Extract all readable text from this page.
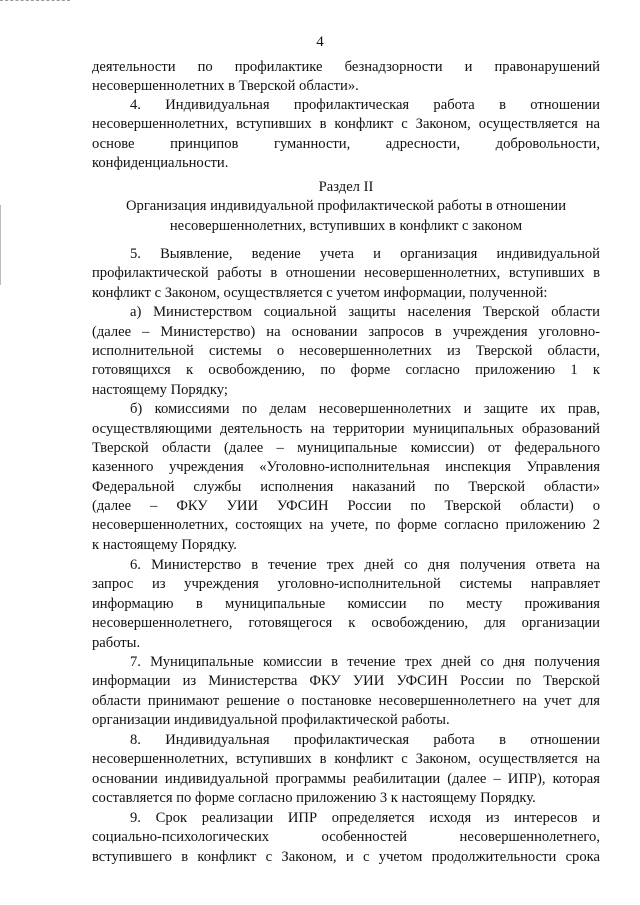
4
деятельности по профилактике безнадзорности и правонарушений
несовершеннолетних в Тверской области».
4. Индивидуальная профилактическая работа в отношении
несовершеннолетних, вступивших в конфликт с Законом, осуществляется на
основе принципов гуманности, адресности, добровольности,
конфиденциальности.
Раздел II
Организация индивидуальной профилактической работы в отношении
несовершеннолетних, вступивших в конфликт с законом
5. Выявление, ведение учета и организация индивидуальной
профилактической работы в отношении несовершеннолетних, вступивших в
конфликт с Законом, осуществляется с учетом информации, полученной:
а) Министерством социальной защиты населения Тверской области
(далее – Министерство) на основании запросов в учреждения уголовно-
исполнительной системы о несовершеннолетних из Тверской области,
готовящихся к освобождению, по форме согласно приложению 1 к
настоящему Порядку;
б) комиссиями по делам несовершеннолетних и защите их прав,
осуществляющими деятельность на территории муниципальных образований
Тверской области (далее – муниципальные комиссии) от федерального
казенного учреждения «Уголовно-исполнительная инспекция Управления
Федеральной службы исполнения наказаний по Тверской области»
(далее – ФКУ УИИ УФСИН России по Тверской области) о
несовершеннолетних, состоящих на учете, по форме согласно приложению 2
к настоящему Порядку.
6. Министерство в течение трех дней со дня получения ответа на
запрос из учреждения уголовно-исполнительной системы направляет
информацию в муниципальные комиссии по месту проживания
несовершеннолетнего, готовящегося к освобождению, для организации
работы.
7. Муниципальные комиссии в течение трех дней со дня получения
информации из Министерства ФКУ УИИ УФСИН России по Тверской
области принимают решение о постановке несовершеннолетнего на учет для
организации индивидуальной профилактической работы.
8. Индивидуальная профилактическая работа в отношении
несовершеннолетних, вступивших в конфликт с Законом, осуществляется на
основании индивидуальной программы реабилитации (далее – ИПР), которая
составляется по форме согласно приложению 3 к настоящему Порядку.
9. Срок реализации ИПР определяется исходя из интересов и
социально-психологических особенностей несовершеннолетнего,
вступившего в конфликт с Законом, и с учетом продолжительности срока
